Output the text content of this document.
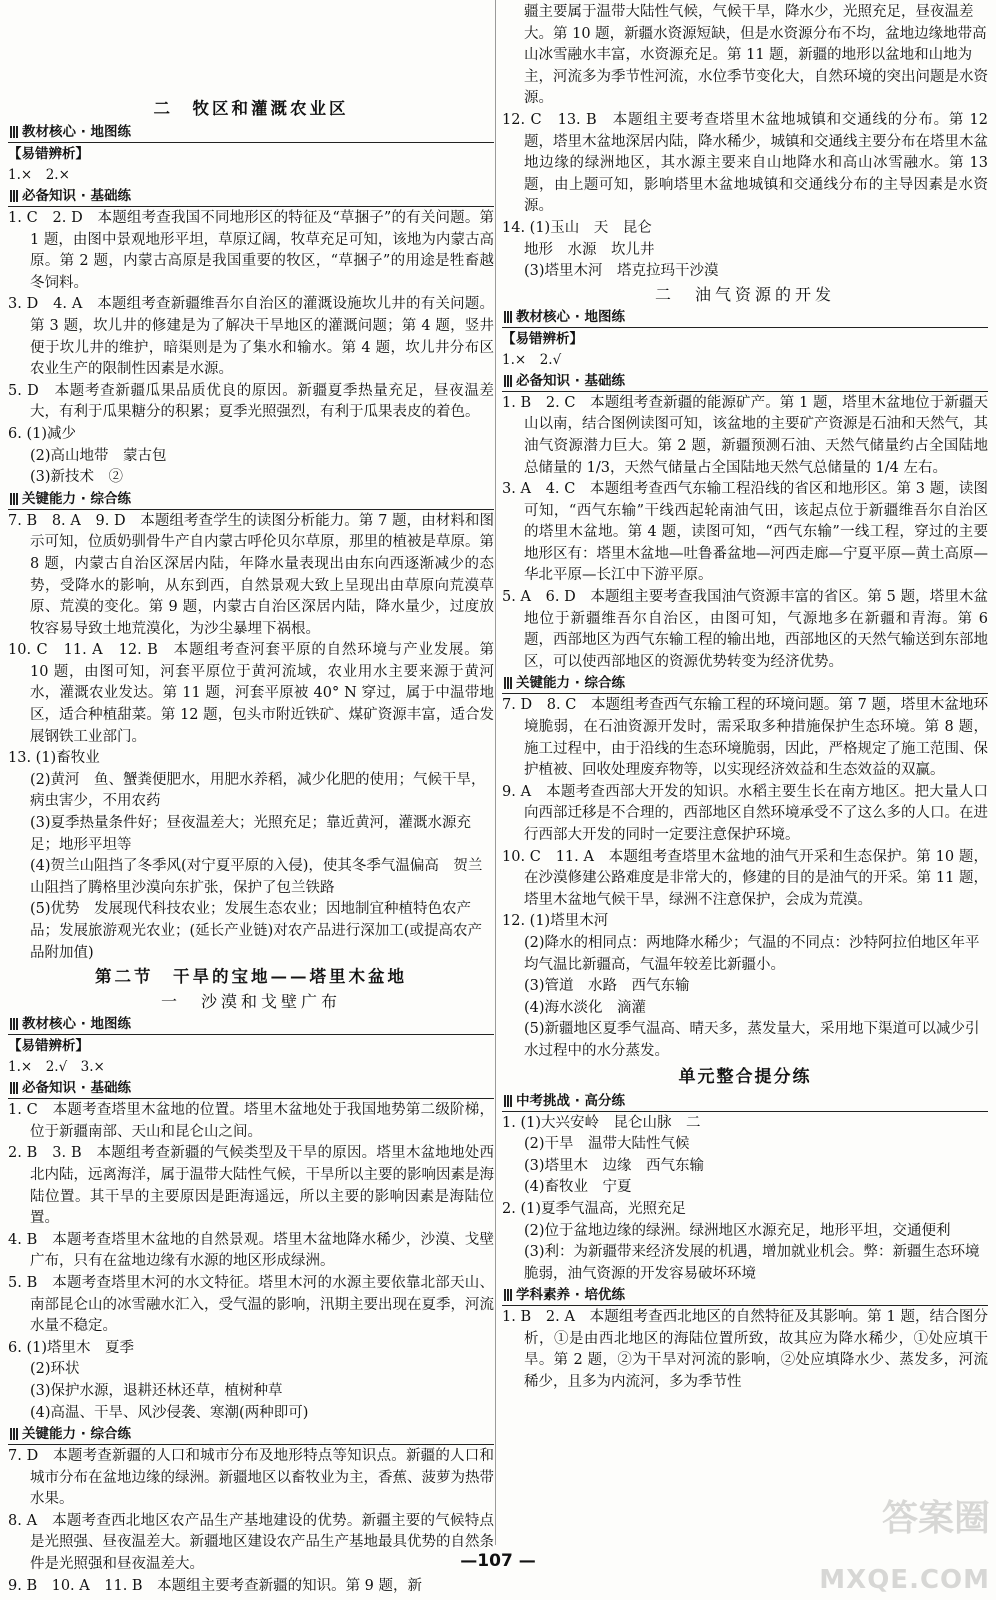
二　牧区和灌溉农业区
教材核心 · 地图练
【易错辨析】
1.×　2.×
必备知识 · 基础练
1. C　2. D　本题组考查我国不同地形区的特征及“草捆子”的有关问题。第 1 题，由图中景观地形平坦，草原辽阔，牧草充足可知，该地为内蒙古高原。第 2 题，内蒙古高原是我国重要的牧区，“草捆子”的用途是牲畜越冬饲料。
3. D　4. A　本题组考查新疆维吾尔自治区的灌溉设施坎儿井的有关问题。第 3 题，坎儿井的修建是为了解决干旱地区的灌溉问题；第 4 题，竖井便于坎儿井的维护，暗渠则是为了集水和输水。第 4 题，坎儿井分布区农业生产的限制性因素是水源。
5. D　本题考查新疆瓜果品质优良的原因。新疆夏季热量充足，昼夜温差大，有利于瓜果糖分的积累；夏季光照强烈，有利于瓜果表皮的着色。
6. (1)减少
(2)高山地带　蒙古包
(3)新技术　②
关键能力 · 综合练
7. B　8. A　9. D　本题组考查学生的读图分析能力。第 7 题，由材料和图示可知，位质奶驯骨牛产自内蒙古呼伦贝尔草原，那里的植被是草原。第 8 题，内蒙古自治区深居内陆，年降水量表现出由东向西逐渐减少的态势，受降水的影响，从东到西，自然景观大致上呈现出由草原向荒漠草原、荒漠的变化。第 9 题，内蒙古自治区深居内陆，降水量少，过度放牧容易导致土地荒漠化，为沙尘暴埋下祸根。
10. C　11. A　12. B　本题组考查河套平原的自然环境与产业发展。第 10 题，由图可知，河套平原位于黄河流域，农业用水主要来源于黄河水，灌溉农业发达。第 11 题，河套平原被 40° N 穿过，属于中温带地区，适合种植甜菜。第 12 题，包头市附近铁矿、煤矿资源丰富，适合发展钢铁工业部门。
13. (1)畜牧业
(2)黄河　鱼、蟹粪便肥水，用肥水养稻，减少化肥的使用；气候干旱，病虫害少，不用农药
(3)夏季热量条件好；昼夜温差大；光照充足；靠近黄河，灌溉水源充足；地形平坦等
(4)贺兰山阻挡了冬季风(对宁夏平原的入侵)，使其冬季气温偏高　贺兰山阻挡了腾格里沙漠向东扩张，保护了包兰铁路
(5)优势　发展现代科技农业；发展生态农业；因地制宜种植特色农产品；发展旅游观光农业；(延长产业链)对农产品进行深加工(或提高农产品附加值)
第二节　干旱的宝地——塔里木盆地
一　沙漠和戈壁广布
教材核心 · 地图练
【易错辨析】
1.×　2.√　3.×
必备知识 · 基础练
1. C　本题考查塔里木盆地的位置。塔里木盆地处于我国地势第二级阶梯，位于新疆南部、天山和昆仑山之间。
2. B　3. B　本题组考查新疆的气候类型及干旱的原因。塔里木盆地地处西北内陆，远离海洋，属于温带大陆性气候，干旱所以主要的影响因素是海陆位置。其干旱的主要原因是距海遥远，所以主要的影响因素是海陆位置。
4. B　本题考查塔里木盆地的自然景观。塔里木盆地降水稀少，沙漠、戈壁广布，只有在盆地边缘有水源的地区形成绿洲。
5. B　本题考查塔里木河的水文特征。塔里木河的水源主要依靠北部天山、南部昆仑山的冰雪融水汇入，受气温的影响，汛期主要出现在夏季，河流水量不稳定。
6. (1)塔里木　夏季
(2)环状
(3)保护水源，退耕还林还草，植树种草
(4)高温、干旱、风沙侵袭、寒潮(两种即可)
关键能力 · 综合练
7. D　本题考查新疆的人口和城市分布及地形特点等知识点。新疆的人口和城市分布在盆地边缘的绿洲。新疆地区以畜牧业为主，香蕉、菠萝为热带水果。
8. A　本题考查西北地区农产品生产基地建设的优势。新疆主要的气候特点是光照强、昼夜温差大。新疆地区建设农产品生产基地最具优势的自然条件是光照强和昼夜温差大。
9. B　10. A　11. B　本题组主要考查新疆的知识。第 9 题，新
疆主要属于温带大陆性气候，气候干旱，降水少，光照充足，昼夜温差大。第 10 题，新疆水资源短缺，但是水资源分布不均，盆地边缘地带高山冰雪融水丰富，水资源充足。第 11 题，新疆的地形以盆地和山地为主，河流多为季节性河流，水位季节变化大，自然环境的突出问题是水资源。
12. C　13. B　本题组主要考查塔里木盆地城镇和交通线的分布。第 12 题，塔里木盆地深居内陆，降水稀少，城镇和交通线主要分布在塔里木盆地边缘的绿洲地区，其水源主要来自山地降水和高山冰雪融水。第 13 题，由上题可知，影响塔里木盆地城镇和交通线分布的主导因素是水资源。
14. (1)玉山　天　昆仑
地形　水源　坎儿井
(3)塔里木河　塔克拉玛干沙漠
二　油气资源的开发
教材核心 · 地图练
【易错辨析】
1.×　2.√
必备知识 · 基础练
1. B　2. C　本题组考查新疆的能源矿产。第 1 题，塔里木盆地位于新疆天山以南，结合图例读图可知，该盆地的主要矿产资源是石油和天然气，其油气资源潜力巨大。第 2 题，新疆预测石油、天然气储量约占全国陆地总储量的 1/3，天然气储量占全国陆地天然气总储量的 1/4 左右。
3. A　4. C　本题组考查西气东输工程沿线的省区和地形区。第 3 题，读图可知，“西气东输”干线西起轮南油气田，该起点位于新疆维吾尔自治区的塔里木盆地。第 4 题，读图可知，“西气东输”一线工程，穿过的主要地形区有：塔里木盆地—吐鲁番盆地—河西走廊—宁夏平原—黄土高原—华北平原—长江中下游平原。
5. A　6. D　本题组主要考查我国油气资源丰富的省区。第 5 题，塔里木盆地位于新疆维吾尔自治区，由图可知，气源地多在新疆和青海。第 6 题，西部地区为西气东输工程的输出地，西部地区的天然气输送到东部地区，可以使西部地区的资源优势转变为经济优势。
关键能力 · 综合练
7. D　8. C　本题组考查西气东输工程的环境问题。第 7 题，塔里木盆地环境脆弱，在石油资源开发时，需采取多种措施保护生态环境。第 8 题，施工过程中，由于沿线的生态环境脆弱，因此，严格规定了施工范围、保护植被、回收处理废弃物等，以实现经济效益和生态效益的双赢。
9. A　本题考查西部大开发的知识。水稻主要生长在南方地区。把大量人口向西部迁移是不合理的，西部地区自然环境承受不了这么多的人口。在进行西部大开发的同时一定要注意保护环境。
10. C　11. A　本题组考查塔里木盆地的油气开采和生态保护。第 10 题，在沙漠修建公路难度是非常大的，修建的目的是油气的开采。第 11 题，塔里木盆地气候干旱，绿洲不注意保护，会成为荒漠。
12. (1)塔里木河
(2)降水的相同点：两地降水稀少；气温的不同点：沙特阿拉伯地区年平均气温比新疆高，气温年较差比新疆小。
(3)管道　水路　西气东输
(4)海水淡化　滴灌
(5)新疆地区夏季气温高、晴天多，蒸发量大，采用地下渠道可以减少引水过程中的水分蒸发。
单元整合提分练
中考挑战 · 高分练
1. (1)大兴安岭　昆仑山脉　二
(2)干旱　温带大陆性气候
(3)塔里木　边缘　西气东输
(4)畜牧业　宁夏
2. (1)夏季气温高，光照充足
(2)位于盆地边缘的绿洲。绿洲地区水源充足，地形平坦，交通便利
(3)利：为新疆带来经济发展的机遇，增加就业机会。弊：新疆生态环境脆弱，油气资源的开发容易破坏环境
学科素养 · 培优练
1. B　2. A　本题组考查西北地区的自然特征及其影响。第 1 题，结合图分析，①是由西北地区的海陆位置所致，故其应为降水稀少，①处应填干旱。第 2 题，②为干旱对河流的影响，②处应填降水少、蒸发多，河流稀少，且多为内流河，多为季节性
—107 —
答案圈
MXQE.COM
